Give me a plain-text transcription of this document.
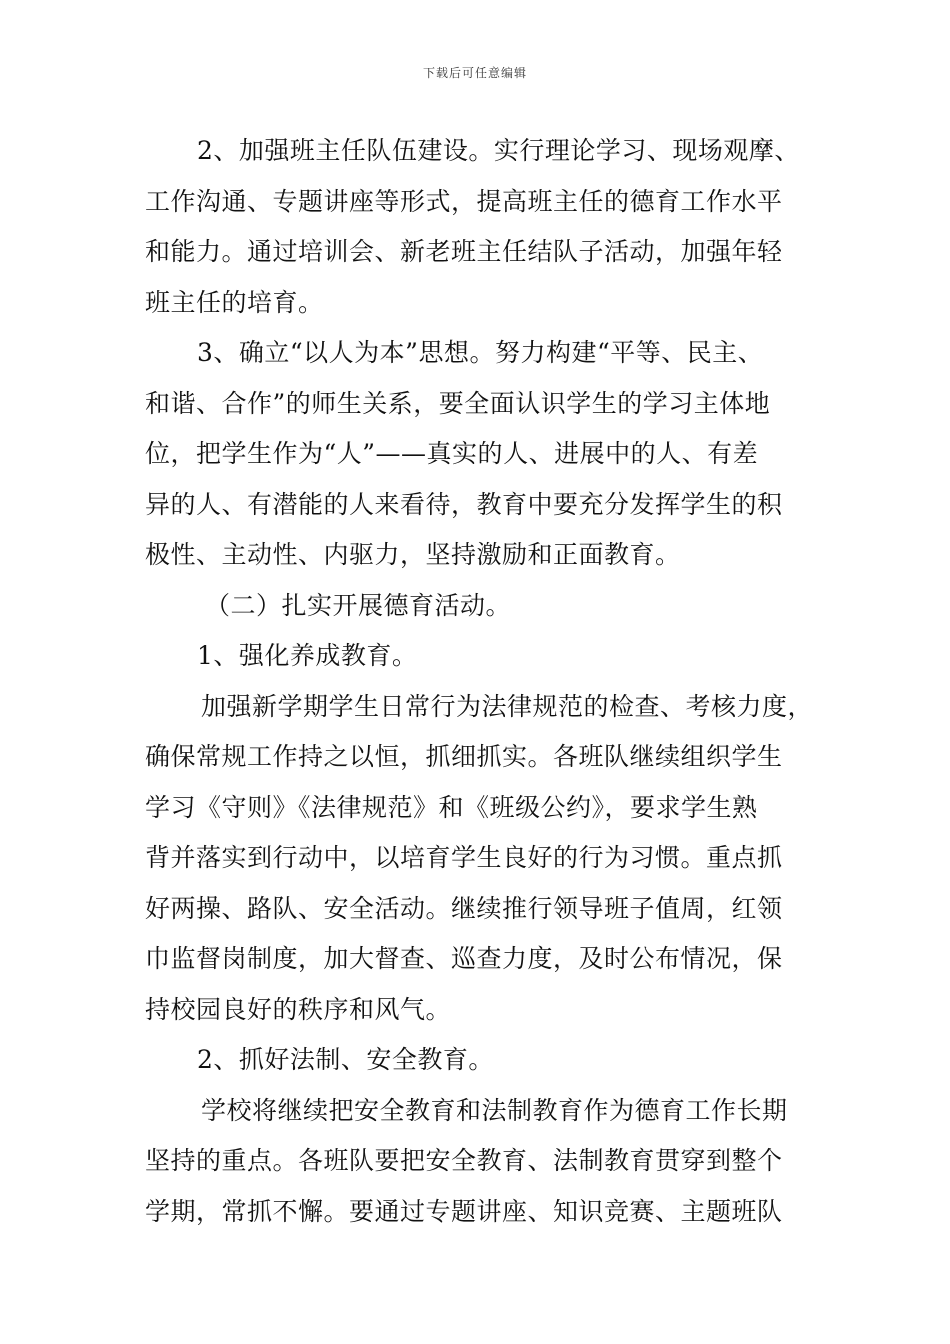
下载后可任意编辑
2、加强班主任队伍建设。实行理论学习、现场观摩、
工作沟通、专题讲座等形式，提高班主任的德育工作水平
和能力。通过培训会、新老班主任结队子活动，加强年轻
班主任的培育。
3、确立“以人为本”思想。努力构建“平等、民主、
和谐、合作”的师生关系，要全面认识学生的学习主体地
位，把学生作为“人”——真实的人、进展中的人、有差
异的人、有潜能的人来看待，教育中要充分发挥学生的积
极性、主动性、内驱力，坚持激励和正面教育。
（二）扎实开展德育活动。
1、强化养成教育。
加强新学期学生日常行为法律规范的检查、考核力度，
确保常规工作持之以恒，抓细抓实。各班队继续组织学生
学习《守则》《法律规范》和《班级公约》，要求学生熟
背并落实到行动中，以培育学生良好的行为习惯。重点抓
好两操、路队、安全活动。继续推行领导班子值周，红领
巾监督岗制度，加大督查、巡查力度，及时公布情况，保
持校园良好的秩序和风气。
2、抓好法制、安全教育。
学校将继续把安全教育和法制教育作为德育工作长期
坚持的重点。各班队要把安全教育、法制教育贯穿到整个
学期，常抓不懈。要通过专题讲座、知识竞赛、主题班队
